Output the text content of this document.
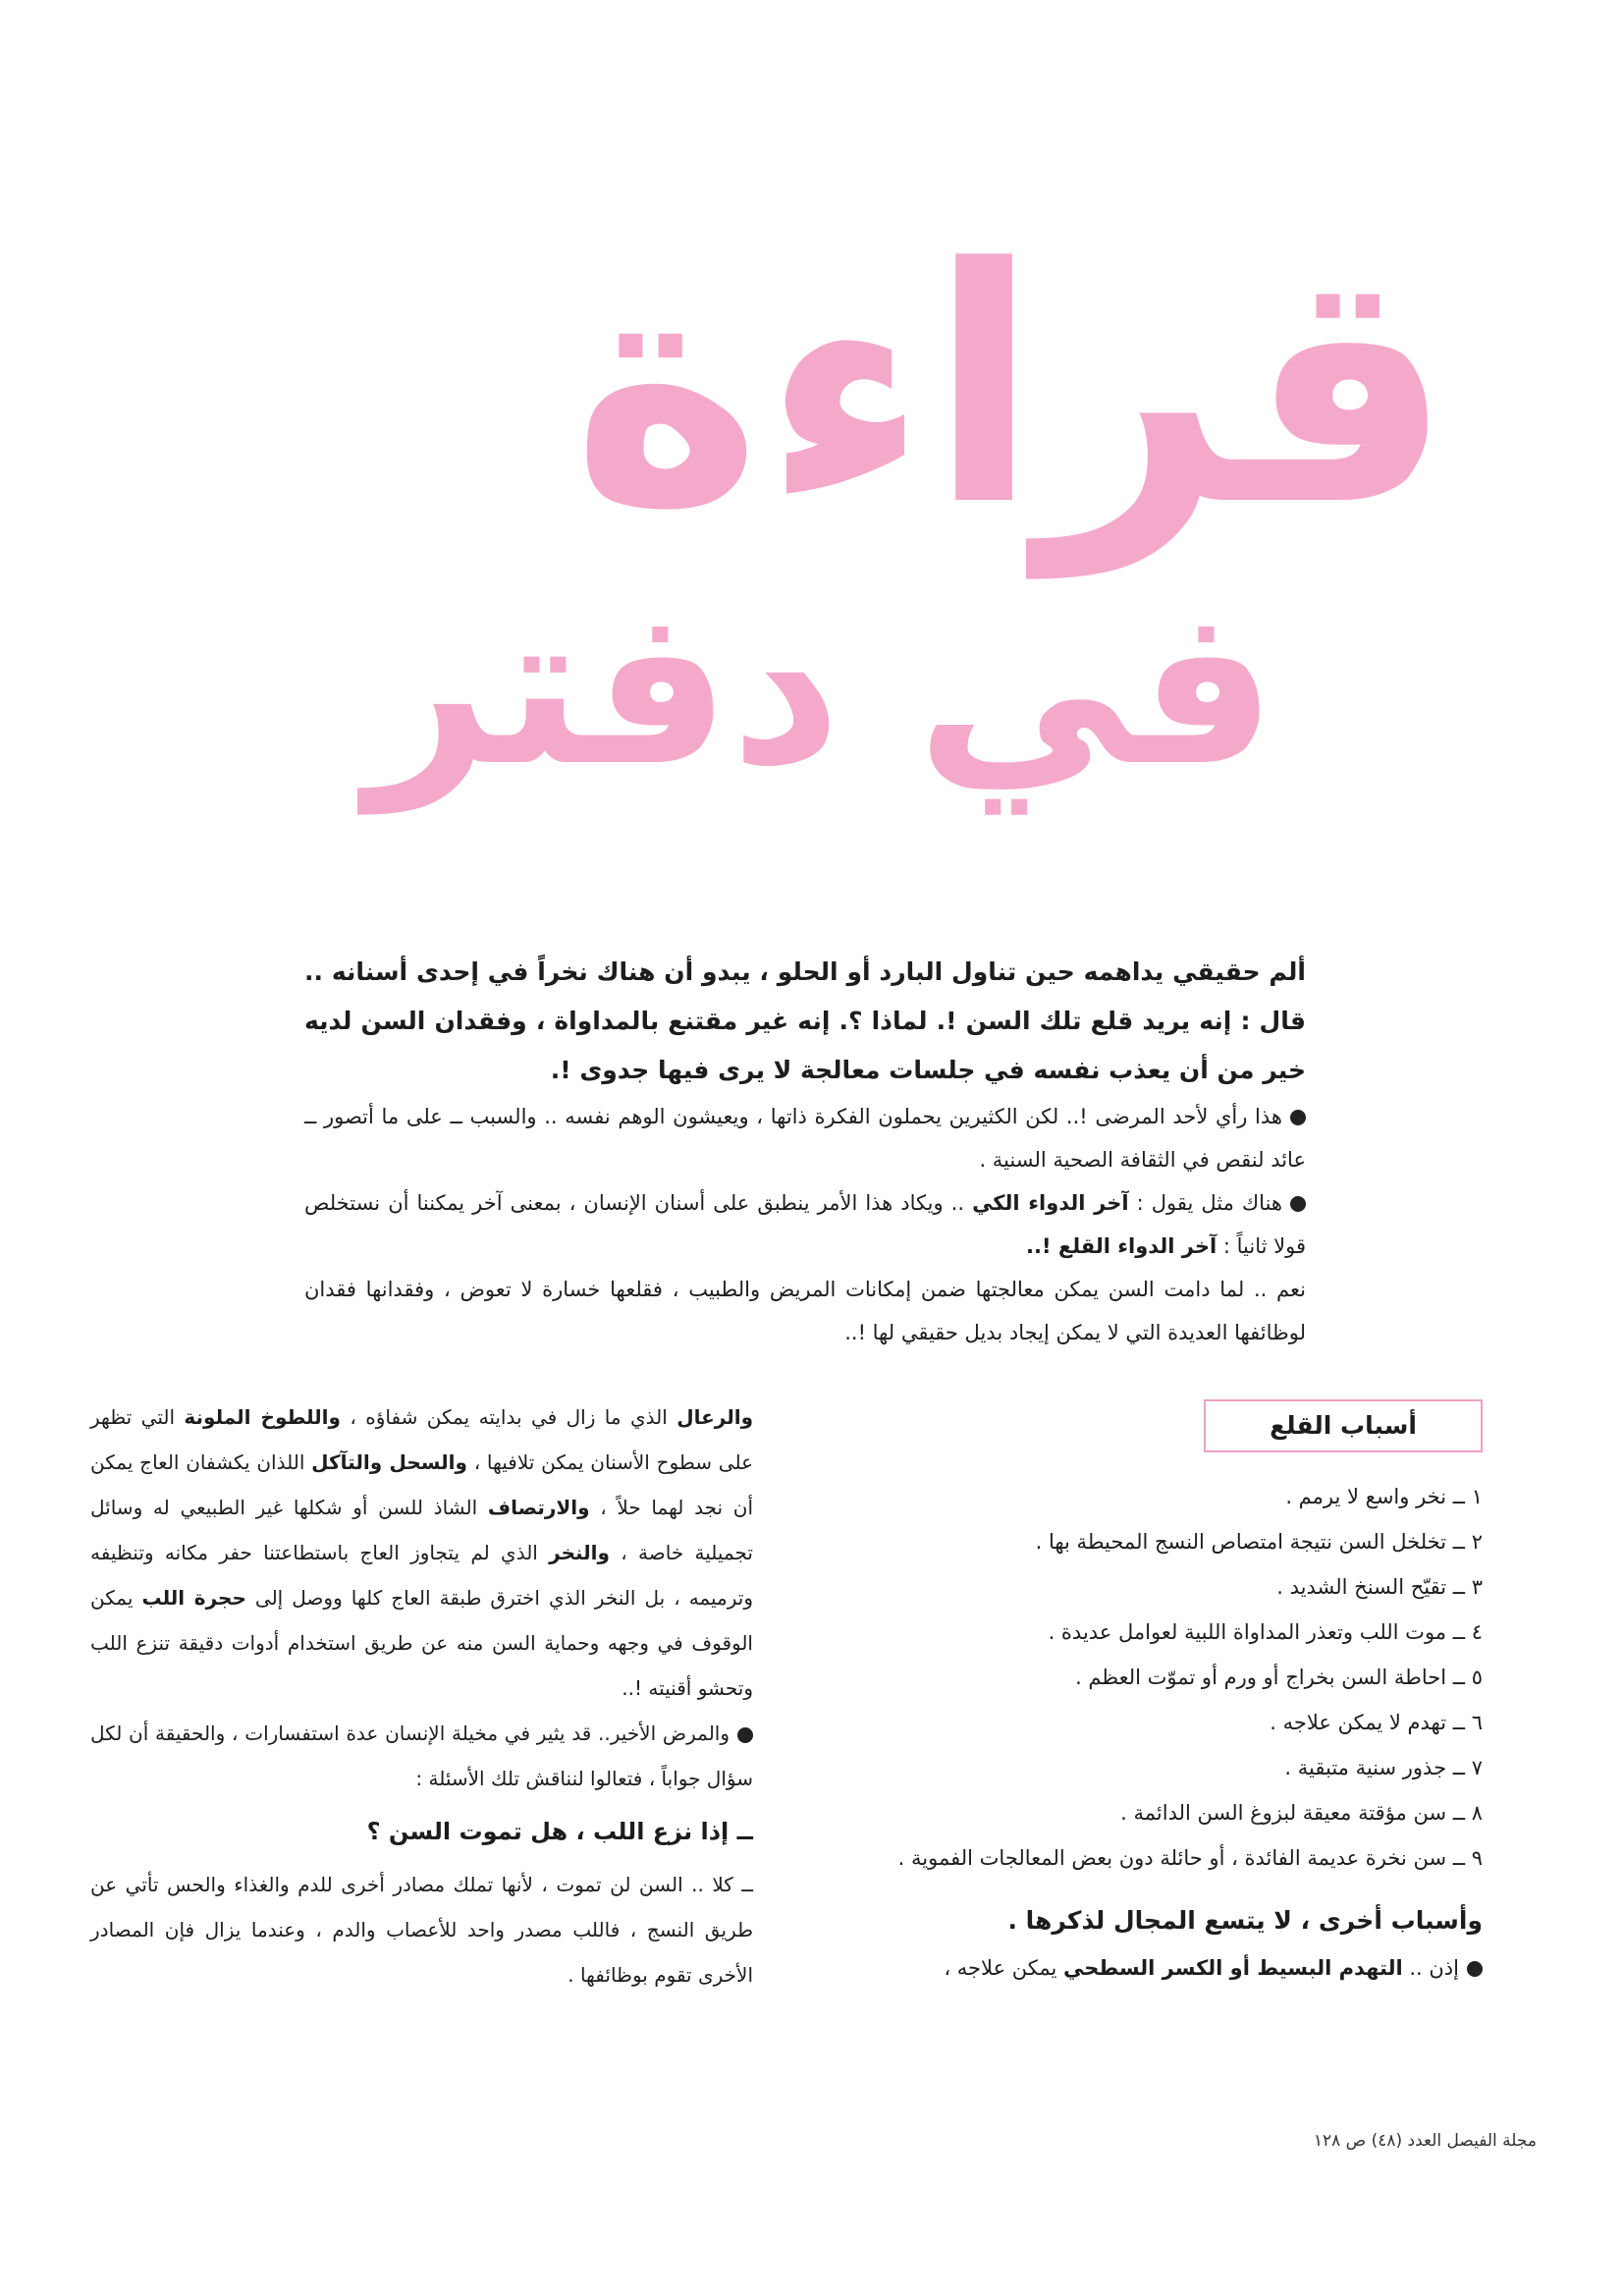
قراءة
في دفتر

ألم حقيقي يداهمه حين تناول البارد أو الحلو ، يبدو أن هناك نخراً في إحدى أسنانه .. قال : إنه يريد قلع تلك السن !. لماذا ؟. إنه غير مقتنع بالمداواة ، وفقدان السن لديه خير من أن يعذب نفسه في جلسات معالجة لا يرى فيها جدوى !.

هذا رأي لأحد المرضى !.. لكن الكثيرين يحملون الفكرة ذاتها ، ويعيشون الوهم نفسه .. والسبب ــ على ما أتصور ــ عائد لنقص في الثقافة الصحية السنية .

هناك مثل يقول : آخر الدواء الكي .. ويكاد هذا الأمر ينطبق على أسنان الإنسان ، بمعنى آخر يمكننا أن نستخلص قولا ثانياً : آخر الدواء القلع !..

نعم .. لما دامت السن يمكن معالجتها ضمن إمكانات المريض والطبيب ، فقلعها خسارة لا تعوض ، وفقدانها فقدان لوظائفها العديدة التي لا يمكن إيجاد بديل حقيقي لها !..

أسباب القلع
١ ــ نخر واسع لا يرمم .
٢ ــ تخلخل السن نتيجة امتصاص النسج المحيطة بها .
٣ ــ تقيّح السنخ الشديد .
٤ ــ موت اللب وتعذر المداواة اللبية لعوامل عديدة .
٥ ــ احاطة السن بخراج أو ورم أو تموّت العظم .
٦ ــ تهدم لا يمكن علاجه .
٧ ــ جذور سنية متبقية .
٨ ــ سن مؤقتة معيقة لبزوغ السن الدائمة .
٩ ــ سن نخرة عديمة الفائدة ، أو حائلة دون بعض المعالجات الفموية .

وأسباب أخرى ، لا يتسع المجال لذكرها .

إذن .. التهدم البسيط أو الكسر السطحي يمكن علاجه ،

والرعال الذي ما زال في بدايته يمكن شفاؤه ، واللطوخ الملونة التي تظهر على سطوح الأسنان يمكن تلافيها ، والسحل والتآكل اللذان يكشفان العاج يمكن أن نجد لهما حلاً ، والارتصاف الشاذ للسن أو شكلها غير الطبيعي له وسائل تجميلية خاصة ، والنخر الذي لم يتجاوز العاج باستطاعتنا حفر مكانه وتنظيفه وترميمه ، بل النخر الذي اخترق طبقة العاج كلها ووصل إلى حجرة اللب يمكن الوقوف في وجهه وحماية السن منه عن طريق استخدام أدوات دقيقة تنزع اللب وتحشو أقنيته !..

والمرض الأخير.. قد يثير في مخيلة الإنسان عدة استفسارات ، والحقيقة أن لكل سؤال جواباً ، فتعالوا لنناقش تلك الأسئلة :

ــ إذا نزع اللب ، هل تموت السن ؟

ــ كلا .. السن لن تموت ، لأنها تملك مصادر أخرى للدم والغذاء والحس تأتي عن طريق النسج ، فاللب مصدر واحد للأعصاب والدم ، وعندما يزال فإن المصادر الأخرى تقوم بوظائفها .

مجلة الفيصل العدد (٤٨) ص ١٢٨
